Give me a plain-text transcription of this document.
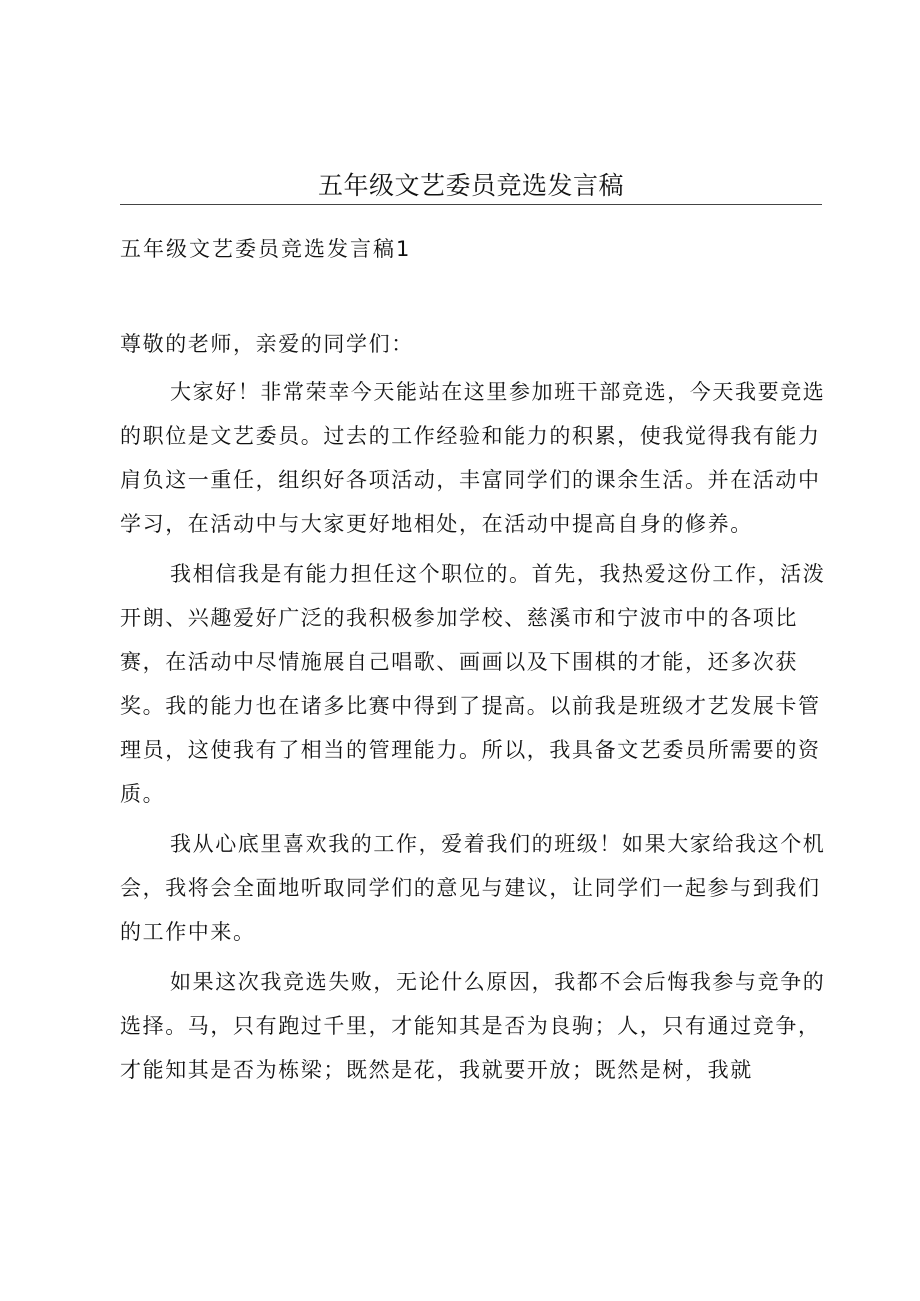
五年级文艺委员竞选发言稿
五年级文艺委员竞选发言稿1

尊敬的老师，亲爱的同学们：

大家好！非常荣幸今天能站在这里参加班干部竞选，今天我要竞选的职位是文艺委员。过去的工作经验和能力的积累，使我觉得我有能力肩负这一重任，组织好各项活动，丰富同学们的课余生活。并在活动中学习，在活动中与大家更好地相处，在活动中提高自身的修养。

我相信我是有能力担任这个职位的。首先，我热爱这份工作，活泼开朗、兴趣爱好广泛的我积极参加学校、慈溪市和宁波市中的各项比赛，在活动中尽情施展自己唱歌、画画以及下围棋的才能，还多次获奖。我的能力也在诸多比赛中得到了提高。以前我是班级才艺发展卡管理员，这使我有了相当的管理能力。所以，我具备文艺委员所需要的资质。

我从心底里喜欢我的工作，爱着我们的班级！如果大家给我这个机会，我将会全面地听取同学们的意见与建议，让同学们一起参与到我们的工作中来。

如果这次我竞选失败，无论什么原因，我都不会后悔我参与竞争的选择。马，只有跑过千里，才能知其是否为良驹；人，只有通过竞争，才能知其是否为栋梁；既然是花，我就要开放；既然是树，我就
